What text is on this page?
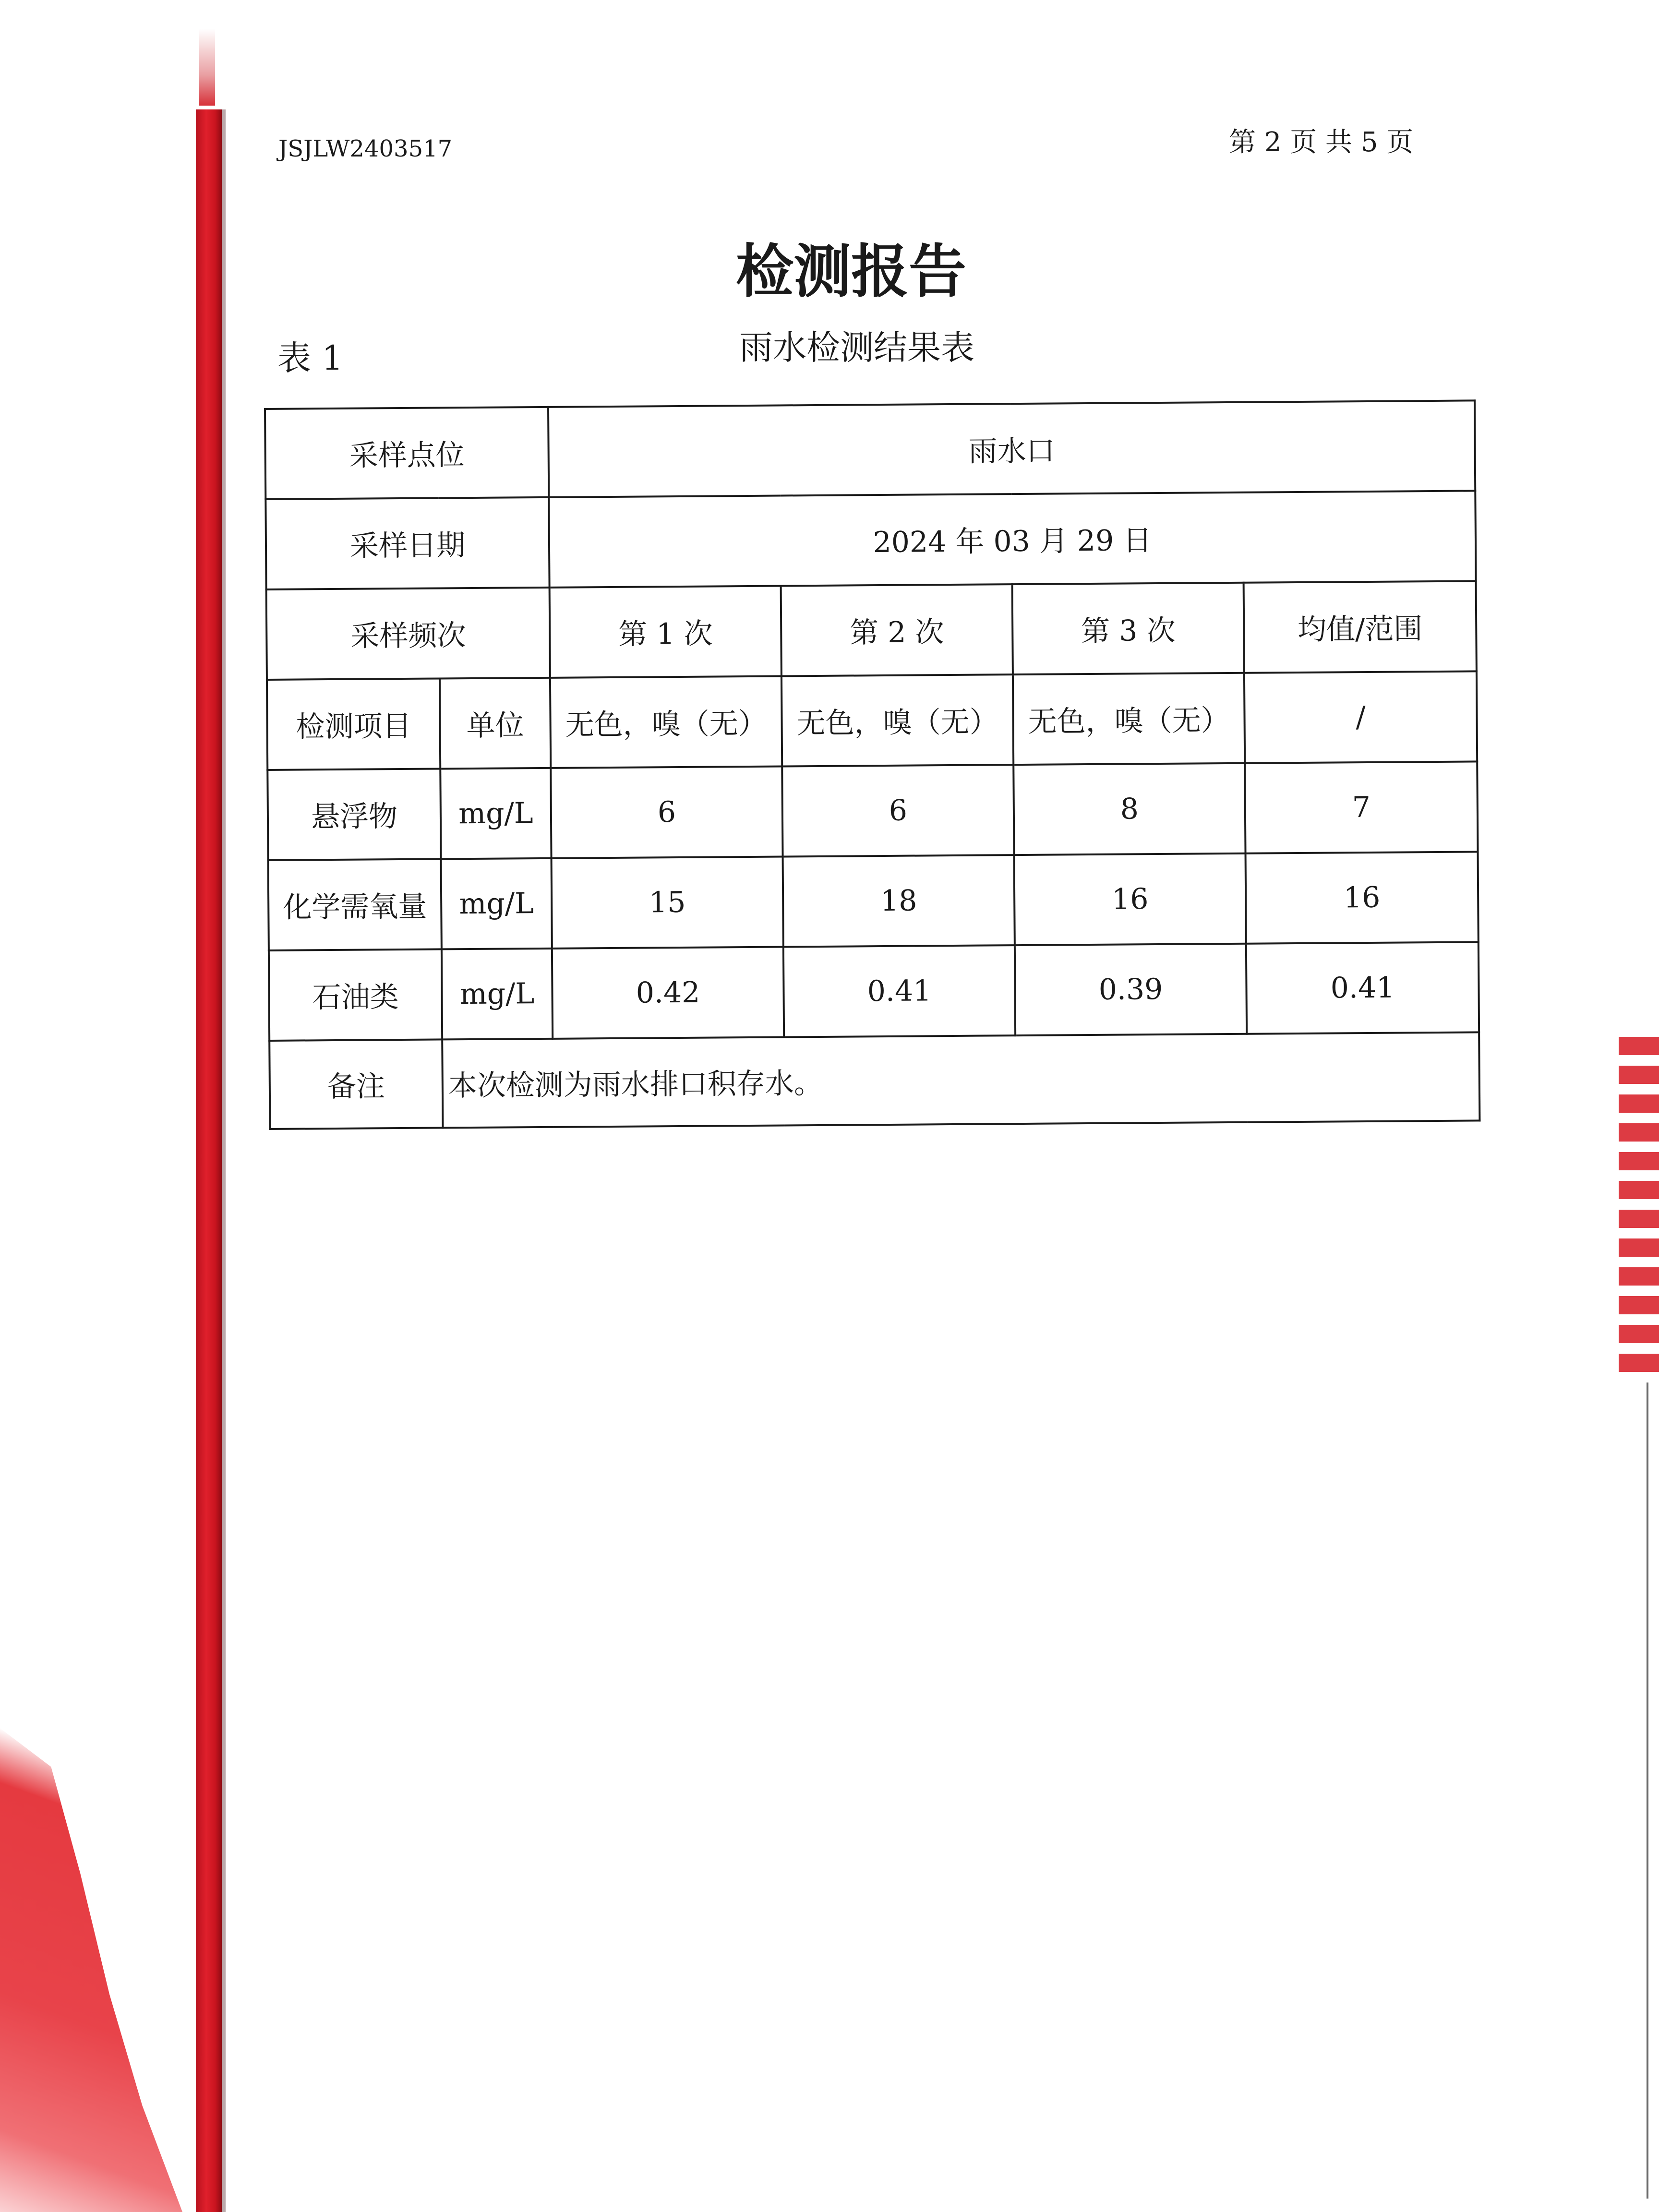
JSJLW2403517	第 2 页 共 5 页
检测报告
表 1	雨水检测结果表
采样点位		雨水口			
采样日期		2024 年 03 月 29 日			
采样频次		第 1 次	第 2 次	第 3 次	均值/范围
检测项目	单位	无色，嗅（无）	无色，嗅（无）	无色，嗅（无）	/
悬浮物	mg/L	6	6	8	7
化学需氧量	mg/L	15	18	16	16
石油类	mg/L	0.42	0.41	0.39	0.41
备注	本次检测为雨水排口积存水。				
